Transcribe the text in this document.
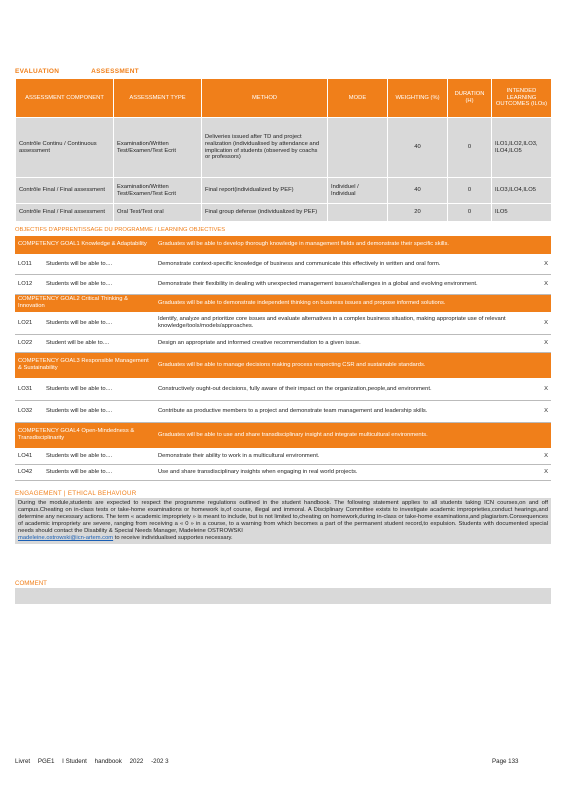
EVALUATION	ASSESSMENT
ASSESSMENT COMPONENT	ASSESSMENT TYPE	METHOD	MODE	WEIGHTING (%)	DURATION (H)	INTENDED LEARNING OUTCOMES (ILOs)
Contrôle Continu / Continuous assessment	Examination/Written Test/Examen/Test Ecrit	Deliveries issued after TD and project realization (individualised by attendance and implication of students (observed by coachs or professors)		40	0	ILO1,ILO2,ILO3, ILO4,ILO5
Contrôle Final / Final assessment	Examination/Written Test/Examen/Test Ecrit	Final report(individualized by PEF)	Individuel / Individual	40	0	ILO3,ILO4,ILO5
Contrôle Final / Final assessment	Oral Test/Test oral	Final group defense (individualized by PEF)		20	0	ILO5
OBJECTIFS D'APPRENTISSAGE DU PROGRAMME / LEARNING OBJECTIVES
COMPETENCY GOAL1 Knowledge & Adaptability		Graduates will be able to develop thorough knowledge in management fields and demonstrate their specific skills.	
LO11	Students will be able to....	Demonstrate context-specific knowledge of business and communicate this effectively in written and oral form.	X
LO12	Students will be able to....	Demonstrate their flexibility in dealing with unexpected management issues/challenges in a global and evolving environment.	X
COMPETENCY GOAL2 Critical Thinking & Innovation		Graduates will be able to demonstrate independent thinking on business issues and propose informed solutions.	
LO21	Students will be able to....	Identify, analyze and prioritize core issues and evaluate alternatives in a complex business situation, making appropriate use of relevant knowledge/tools/models/approaches.	X
LO22	Student will be able to....	Design an appropriate and informed creative recommendation to a given issue.	X
COMPETENCY GOAL3 Responsible Management & Sustainability		Graduates will be able to manage decisions making process respecting CSR and sustainable standards.	
LO31	Students will be able to....	Constructively ought-out decisions, fully aware of their impact on the organization,people,and environment.	X
LO32	Students will be able to....	Contribute as productive members to a project and demonstrate team management and leadership skills.	X
COMPETENCY GOAL4 Open-Mindedness & Transdisciplinarity		Graduates will be able to use and share transdisciplinary insight and integrate multicultural environments.	
LO41	Students will be able to....	Demonstrate their ability to work in a multicultural environment.	X
LO42	Students will be able to....	Use and share transdisciplinary insights when engaging in real world projects.	X
ENGAGEMENT | ETHICAL BEHAVIOUR
During the module,students are expected to respect the programme regulations outlined in the student handbook. The following statement applies to all students taking ICN courses,on and off campus.Cheating on in-class tests or take-home examinations or homework is,of course, illegal and immoral. A Disciplinary Committee exists to investigate academic improprieties,conduct hearings,and determine any necessary actions. The term « academic impropriety » is meant to include, but is not limited to,cheating on homework,during in-class or take-home examinations,and plagiarism.Consequences of academic impropriety are severe, ranging from receiving a « 0 » in a course, to a warning from which becomes a part of the permanent student record,to expulsion. Students with documented special needs should contact the Disability & Special Needs Manager, Madeleine OSTROWSKI
madeleine.ostrowski@icn-artem.com to receive individualised supportes necessary.
COMMENT
Livret PGE1 I Student handbook 2022 -202 3	Page 133
